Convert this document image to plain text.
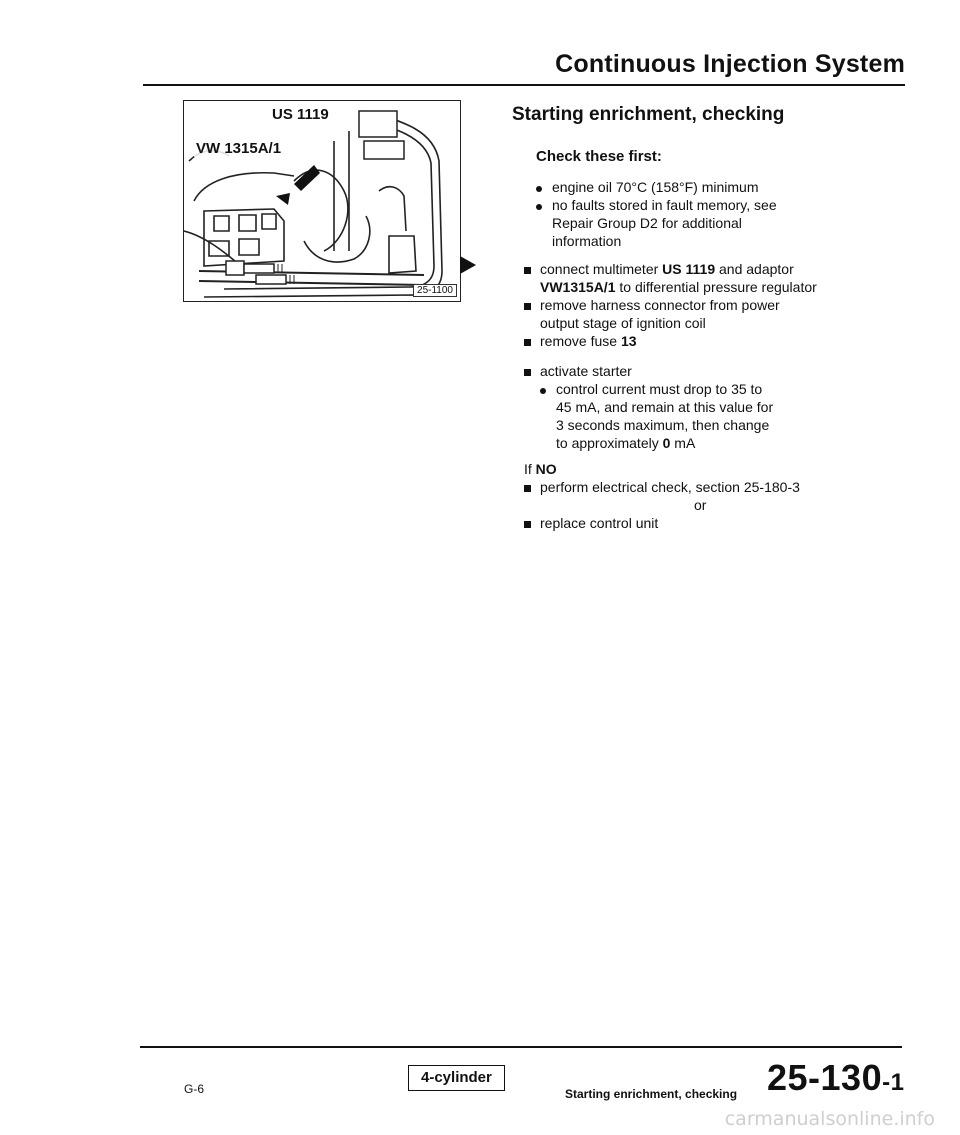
Continuous Injection System
US 1119
VW 1315A/1
25-1100
Starting enrichment, checking
Check these first:
engine oil 70°C (158°F) minimum
no faults stored in fault memory, see
Repair Group D2 for additional
information
connect multimeter US 1119 and adaptor
VW1315A/1 to differential pressure regulator
remove harness connector from power
output stage of ignition coil
remove fuse 13
activate starter
control current must drop to 35 to
45 mA, and remain at this value for
3 seconds maximum, then change
to approximately 0 mA
If NO
perform electrical check, section 25-180-3
or
replace control unit
G-6
4-cylinder
Starting enrichment, checking 25-130-1
carmanualsonline.info
